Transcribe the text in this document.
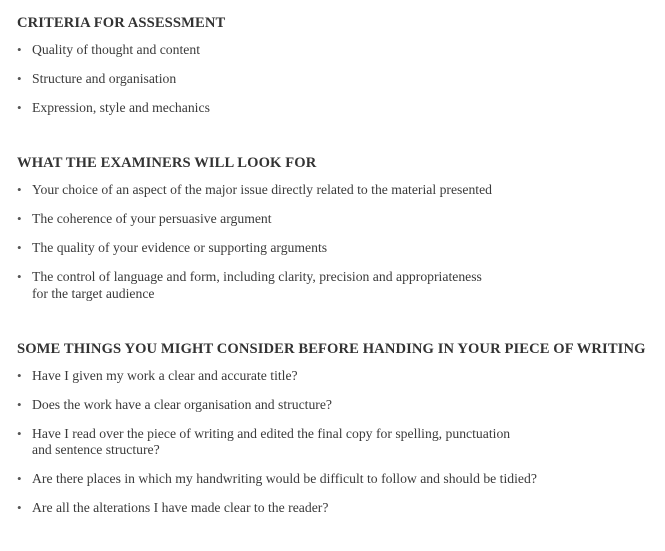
CRITERIA FOR ASSESSMENT
• Quality of thought and content
• Structure and organisation
• Expression, style and mechanics
WHAT THE EXAMINERS WILL LOOK FOR
• Your choice of an aspect of the major issue directly related to the material presented
• The coherence of your persuasive argument
• The quality of your evidence or supporting arguments
• The control of language and form, including clarity, precision and appropriateness
for the target audience
SOME THINGS YOU MIGHT CONSIDER BEFORE HANDING IN YOUR PIECE OF WRITING
• Have I given my work a clear and accurate title?
• Does the work have a clear organisation and structure?
• Have I read over the piece of writing and edited the final copy for spelling, punctuation
and sentence structure?
• Are there places in which my handwriting would be difficult to follow and should be tidied?
• Are all the alterations I have made clear to the reader?
